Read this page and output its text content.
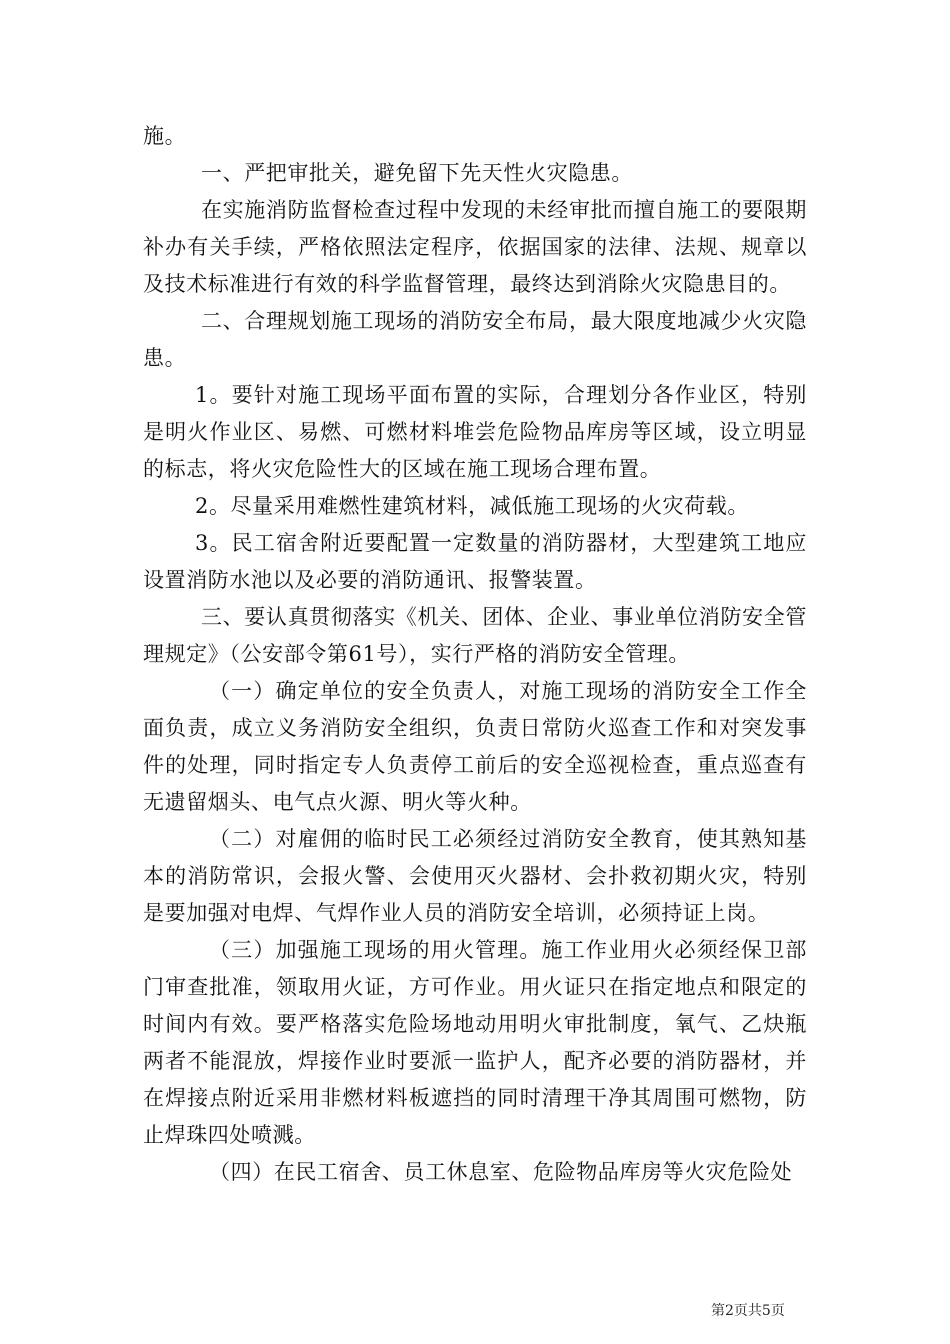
施。

一、严把审批关，避免留下先天性火灾隐患。

在实施消防监督检查过程中发现的未经审批而擅自施工的要限期补办有关手续，严格依照法定程序，依据国家的法律、法规、规章以及技术标准进行有效的科学监督管理，最终达到消除火灾隐患目的。

二、合理规划施工现场的消防安全布局，最大限度地减少火灾隐患。

1。要针对施工现场平面布置的实际，合理划分各作业区，特别是明火作业区、易燃、可燃材料堆尝危险物品库房等区域，设立明显的标志，将火灾危险性大的区域在施工现场合理布置。

2。尽量采用难燃性建筑材料，减低施工现场的火灾荷载。

3。民工宿舍附近要配置一定数量的消防器材，大型建筑工地应设置消防水池以及必要的消防通讯、报警装置。

三、要认真贯彻落实《机关、团体、企业、事业单位消防安全管理规定》（公安部令第61号），实行严格的消防安全管理。

（一）确定单位的安全负责人，对施工现场的消防安全工作全面负责，成立义务消防安全组织，负责日常防火巡查工作和对突发事件的处理，同时指定专人负责停工前后的安全巡视检查，重点巡查有无遗留烟头、电气点火源、明火等火种。

（二）对雇佣的临时民工必须经过消防安全教育，使其熟知基本的消防常识，会报火警、会使用灭火器材、会扑救初期火灾，特别是要加强对电焊、气焊作业人员的消防安全培训，必须持证上岗。

（三）加强施工现场的用火管理。施工作业用火必须经保卫部门审查批准，领取用火证，方可作业。用火证只在指定地点和限定的时间内有效。要严格落实危险场地动用明火审批制度，氧气、乙炔瓶两者不能混放，焊接作业时要派一监护人，配齐必要的消防器材，并在焊接点附近采用非燃材料板遮挡的同时清理干净其周围可燃物，防止焊珠四处喷溅。

（四）在民工宿舍、员工休息室、危险物品库房等火灾危险处

第2页共5页
